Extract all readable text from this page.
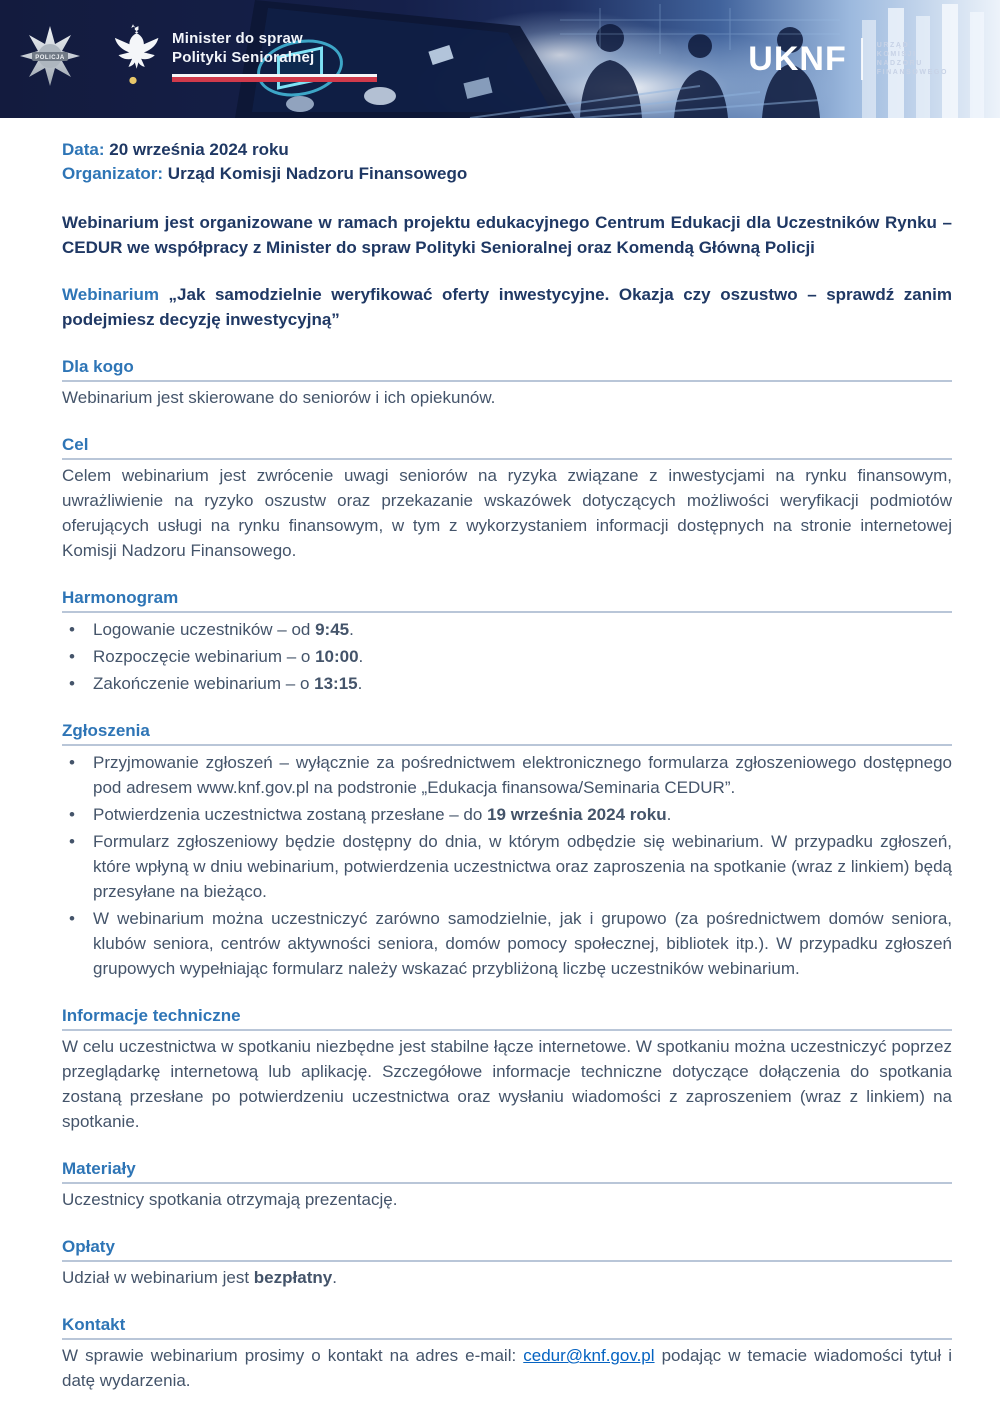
POLICJA
Minister do spraw
Polityki Senioralnej	UKNF	URZĄD
KOMISJI
NADZORU
FINANSOWEGO

Data: 20 września 2024 roku

Organizator: Urząd Komisji Nadzoru Finansowego

Webinarium jest organizowane w ramach projektu edukacyjnego Centrum Edukacji dla Uczestników Rynku – CEDUR we współpracy z Minister do spraw Polityki Senioralnej oraz Komendą Główną Policji

Webinarium „Jak samodzielnie weryfikować oferty inwestycyjne. Okazja czy oszustwo – sprawdź zanim podejmiesz decyzję inwestycyjną”

Dla kogo

Webinarium jest skierowane do seniorów i ich opiekunów.

Cel

Celem webinarium jest zwrócenie uwagi seniorów na ryzyka związane z inwestycjami na rynku finansowym, uwrażliwienie na ryzyko oszustw oraz przekazanie wskazówek dotyczących możliwości weryfikacji podmiotów oferujących usługi na rynku finansowym, w tym z wykorzystaniem informacji dostępnych na stronie internetowej Komisji Nadzoru Finansowego.

Harmonogram
• Logowanie uczestników – od 9:45.
• Rozpoczęcie webinarium – o 10:00.
• Zakończenie webinarium – o 13:15.
Zgłoszenia
• Przyjmowanie zgłoszeń – wyłącznie za pośrednictwem elektronicznego formularza zgłoszeniowego dostępnego pod adresem www.knf.gov.pl na podstronie „Edukacja finansowa/Seminaria CEDUR”.
• Potwierdzenia uczestnictwa zostaną przesłane – do 19 września 2024 roku.
• Formularz zgłoszeniowy będzie dostępny do dnia, w którym odbędzie się webinarium. W przypadku zgłoszeń, które wpłyną w dniu webinarium, potwierdzenia uczestnictwa oraz zaproszenia na spotkanie (wraz z linkiem) będą przesyłane na bieżąco.
• W webinarium można uczestniczyć zarówno samodzielnie, jak i grupowo (za pośrednictwem domów seniora, klubów seniora, centrów aktywności seniora, domów pomocy społecznej, bibliotek itp.). W przypadku zgłoszeń grupowych wypełniając formularz należy wskazać przybliżoną liczbę uczestników webinarium.
Informacje techniczne

W celu uczestnictwa w spotkaniu niezbędne jest stabilne łącze internetowe. W spotkaniu można uczestniczyć poprzez przeglądarkę internetową lub aplikację. Szczegółowe informacje techniczne dotyczące dołączenia do spotkania zostaną przesłane po potwierdzeniu uczestnictwa oraz wysłaniu wiadomości z zaproszeniem (wraz z linkiem) na spotkanie.

Materiały

Uczestnicy spotkania otrzymają prezentację.

Opłaty

Udział w webinarium jest bezpłatny.

Kontakt

W sprawie webinarium prosimy o kontakt na adres e-mail: cedur@knf.gov.pl podając w temacie wiadomości tytuł i datę wydarzenia.
